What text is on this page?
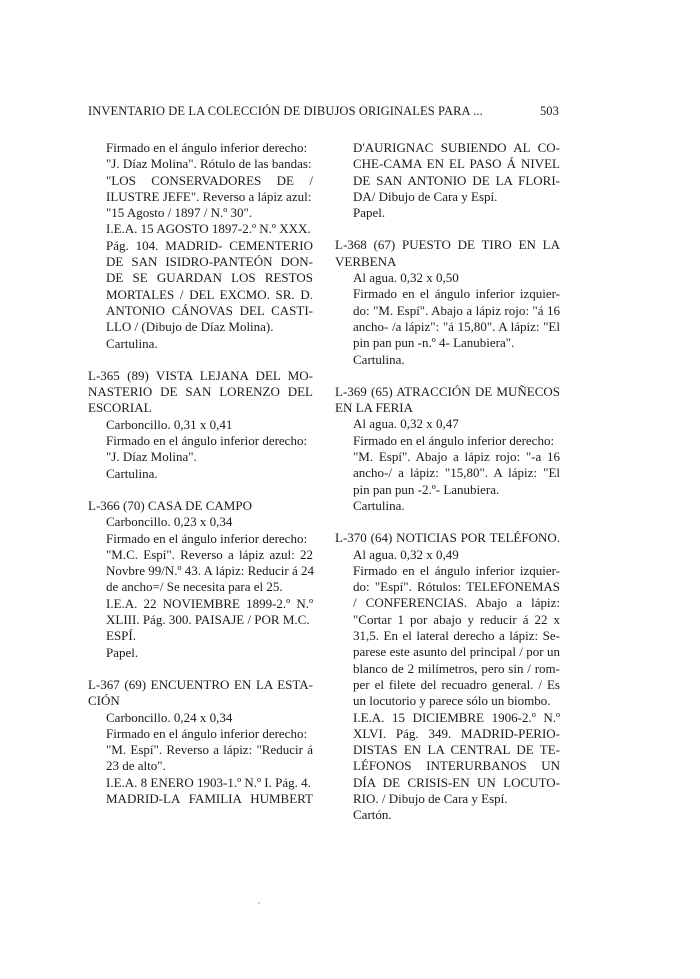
INVENTARIO DE LA COLECCIÓN DE DIBUJOS ORIGINALES PARA ...	503
Firmado en el ángulo inferior derecho:
"J. Díaz Molina". Rótulo de las bandas:
"LOS CONSERVADORES DE /
ILUSTRE JEFE". Reverso a lápiz azul:
"15 Agosto / 1897 / N.º 30".
I.E.A. 15 AGOSTO 1897-2.º N.º XXX.
Pág. 104. MADRID- CEMENTERIO
DE SAN ISIDRO-PANTEÓN DON-
DE SE GUARDAN LOS RESTOS
MORTALES / DEL EXCMO. SR. D.
ANTONIO CÁNOVAS DEL CASTI-
LLO / (Dibujo de Díaz Molina).
Cartulina.
L-365 (89) VISTA LEJANA DEL MO-
NASTERIO DE SAN LORENZO DEL
ESCORIAL
Carboncillo. 0,31 x 0,41
Firmado en el ángulo inferior derecho:
"J. Díaz Molina".
Cartulina.
L-366 (70) CASA DE CAMPO
Carboncillo. 0,23 x 0,34
Firmado en el ángulo inferior derecho:
"M.C. Espí". Reverso a lápiz azul: 22
Novbre 99/N.º 43. A lápiz: Reducir á 24
de ancho=/ Se necesita para el 25.
I.E.A. 22 NOVIEMBRE 1899-2.º N.º
XLIII. Pág. 300. PAISAJE / POR M.C.
ESPÍ.
Papel.
L-367 (69) ENCUENTRO EN LA ESTA-
CIÓN
Carboncillo. 0,24 x 0,34
Firmado en el ángulo inferior derecho:
"M. Espí". Reverso a lápiz: "Reducir á
23 de alto".
I.E.A. 8 ENERO 1903-1.º N.º I. Pág. 4.
MADRID-LA FAMILIA HUMBERT
D'AURIGNAC SUBIENDO AL CO-
CHE-CAMA EN EL PASO Á NIVEL
DE SAN ANTONIO DE LA FLORI-
DA/ Dibujo de Cara y Espí.
Papel.
L-368 (67) PUESTO DE TIRO EN LA
VERBENA
Al agua. 0,32 x 0,50
Firmado en el ángulo inferior izquier-
do: "M. Espí". Abajo a lápiz rojo: "á 16
ancho- /a lápiz": "á 15,80". A lápiz: "El
pin pan pun -n.º 4- Lanubiera".
Cartulina.
L-369 (65) ATRACCIÓN DE MUÑECOS
EN LA FERIA
Al agua. 0,32 x 0,47
Firmado en el ángulo inferior derecho:
"M. Espí". Abajo a lápiz rojo: "-a 16
ancho-/ a lápiz: "15,80". A lápiz: "El
pin pan pun -2.º- Lanubiera.
Cartulina.
L-370 (64) NOTICIAS POR TELÉFONO.
Al agua. 0,32 x 0,49
Firmado en el ángulo inferior izquier-
do: "Espí". Rótulos: TELEFONEMAS
/ CONFERENCIAS. Abajo a lápiz:
"Cortar 1 por abajo y reducir á 22 x
31,5. En el lateral derecho a lápiz: Se-
parese este asunto del principal / por un
blanco de 2 milímetros, pero sin / rom-
per el filete del recuadro general. / Es
un locutorio y parece sólo un biombo.
I.E.A. 15 DICIEMBRE 1906-2.º N.º
XLVI. Pág. 349. MADRID-PERIO-
DISTAS EN LA CENTRAL DE TE-
LÉFONOS INTERURBANOS UN
DÍA DE CRISIS-EN UN LOCUTO-
RIO. / Dibujo de Cara y Espí.
Cartón.
